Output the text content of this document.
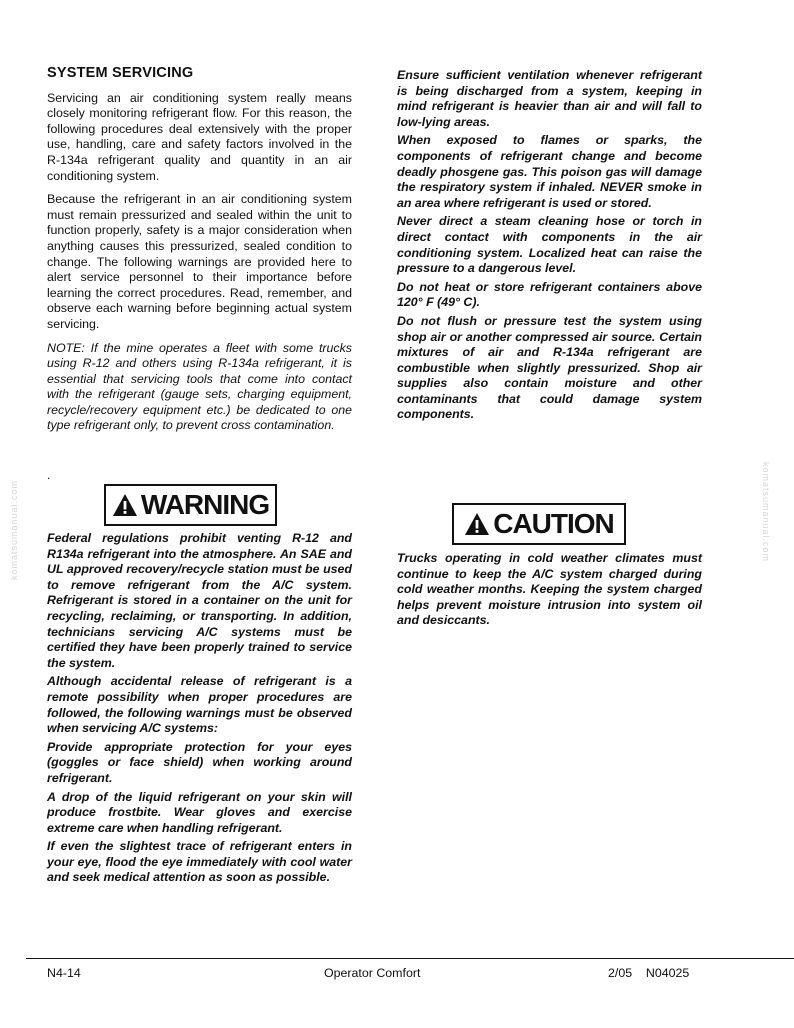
SYSTEM SERVICING
Servicing an air conditioning system really means closely monitoring refrigerant flow. For this reason, the following procedures deal extensively with the proper use, handling, care and safety factors involved in the R-134a refrigerant quality and quantity in an air conditioning system.
Because the refrigerant in an air conditioning system must remain pressurized and sealed within the unit to function properly, safety is a major consideration when anything causes this pressurized, sealed condition to change. The following warnings are provided here to alert service personnel to their importance before learning the correct procedures. Read, remember, and observe each warning before beginning actual system servicing.
NOTE: If the mine operates a fleet with some trucks using R-12 and others using R-134a refrigerant, it is essential that servicing tools that come into contact with the refrigerant (gauge sets, charging equipment, recycle/recovery equipment etc.) be dedicated to one type refrigerant only, to prevent cross contamination.
.
WARNING
Federal regulations prohibit venting R-12 and R134a refrigerant into the atmosphere. An SAE and UL approved recovery/recycle station must be used to remove refrigerant from the A/C system. Refrigerant is stored in a container on the unit for recycling, reclaiming, or transporting. In addition, technicians servicing A/C systems must be certified they have been properly trained to service the system.
Although accidental release of refrigerant is a remote possibility when proper procedures are followed, the following warnings must be observed when servicing A/C systems:
Provide appropriate protection for your eyes (goggles or face shield) when working around refrigerant.
A drop of the liquid refrigerant on your skin will produce frostbite. Wear gloves and exercise extreme care when handling refrigerant.
If even the slightest trace of refrigerant enters in your eye, flood the eye immediately with cool water and seek medical attention as soon as possible.
Ensure sufficient ventilation whenever refrigerant is being discharged from a system, keeping in mind refrigerant is heavier than air and will fall to low-lying areas.
When exposed to flames or sparks, the components of refrigerant change and become deadly phosgene gas. This poison gas will damage the respiratory system if inhaled. NEVER smoke in an area where refrigerant is used or stored.
Never direct a steam cleaning hose or torch in direct contact with components in the air conditioning system. Localized heat can raise the pressure to a dangerous level.
Do not heat or store refrigerant containers above 120° F (49° C).
Do not flush or pressure test the system using shop air or another compressed air source. Certain mixtures of air and R-134a refrigerant are combustible when slightly pressurized. Shop air supplies also contain moisture and other contaminants that could damage system components.
CAUTION
Trucks operating in cold weather climates must continue to keep the A/C system charged during cold weather months. Keeping the system charged helps prevent moisture intrusion into system oil and desiccants.
komatsumanual.com	komatsumanual.com
N4-14	Operator Comfort	2/05    N04025
